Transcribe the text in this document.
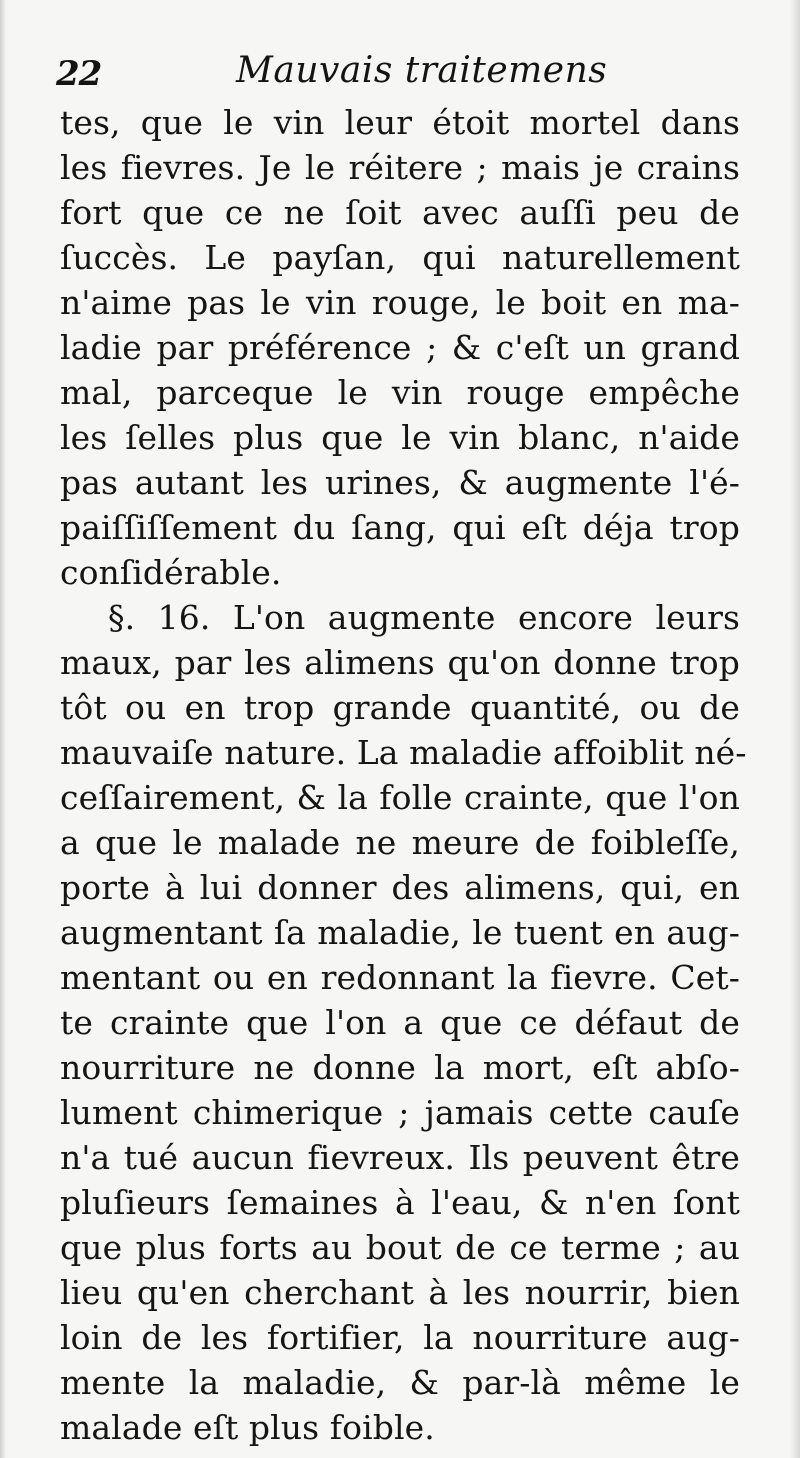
22	Mauvais traitemens
tes, que le vin leur étoit mortel dans
les fievres. Je le réitere ; mais je crains
fort que ce ne ſoit avec auſſi peu de
ſuccès. Le payſan, qui naturellement
n'aime pas le vin rouge, le boit en ma-
ladie par préférence ; & c'eſt un grand
mal, parceque le vin rouge empêche
les ſelles plus que le vin blanc, n'aide
pas autant les urines, & augmente l'é-
paiſſiſſement du ſang, qui eſt déja trop
conſidérable.
§. 16. L'on augmente encore leurs
maux, par les alimens qu'on donne trop
tôt ou en trop grande quantité, ou de
mauvaiſe nature. La maladie affoiblit né-
ceſſairement, & la folle crainte, que l'on
a que le malade ne meure de foibleſſe,
porte à lui donner des alimens, qui, en
augmentant ſa maladie, le tuent en aug-
mentant ou en redonnant la fievre. Cet-
te crainte que l'on a que ce défaut de
nourriture ne donne la mort, eſt abſo-
lument chimerique ; jamais cette cauſe
n'a tué aucun fievreux. Ils peuvent être
pluſieurs ſemaines à l'eau, & n'en ſont
que plus forts au bout de ce terme ; au
lieu qu'en cherchant à les nourrir, bien
loin de les fortifier, la nourriture aug-
mente la maladie, & par-là même le
malade eſt plus foible.
